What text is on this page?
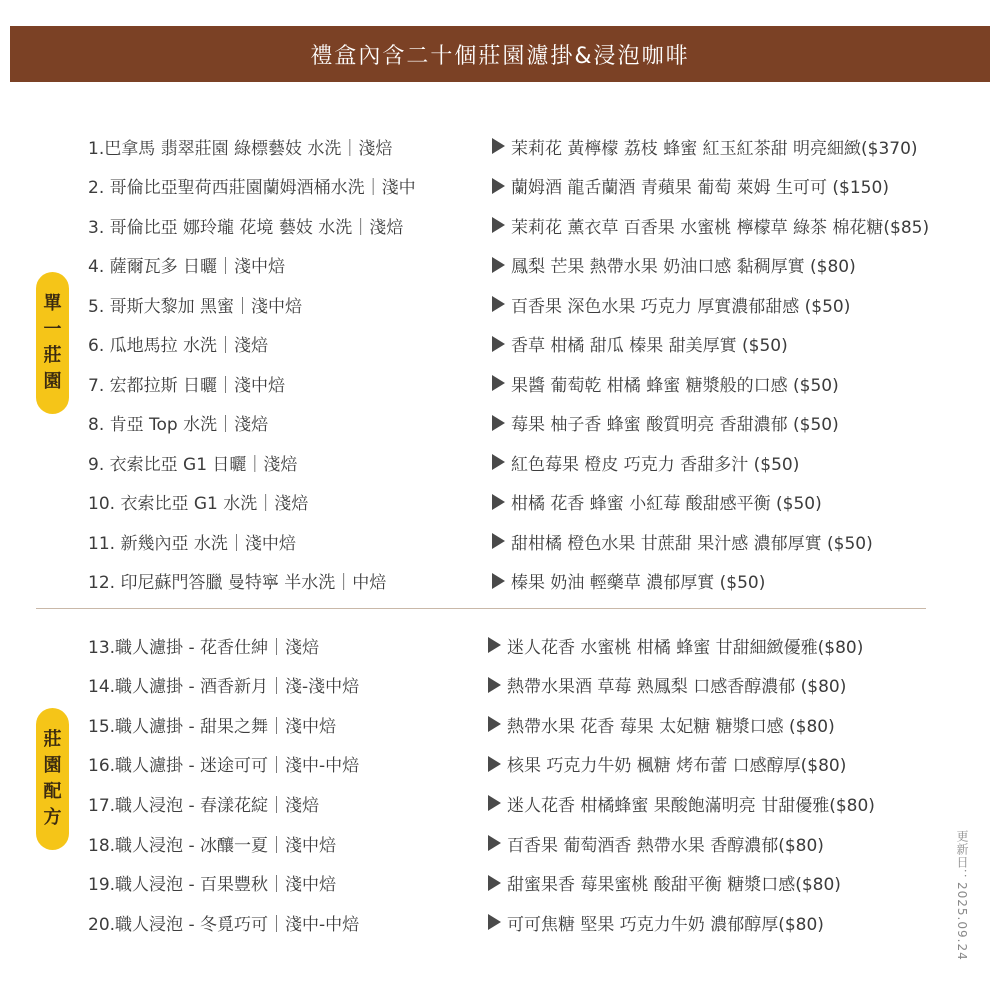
禮盒內含二十個莊園濾掛&浸泡咖啡
單
一
莊
園
莊
園
配
方
1.巴拿馬 翡翠莊園 綠標藝妓 水洗｜淺焙	茉莉花 黃檸檬 荔枝 蜂蜜 紅玉紅茶甜 明亮細緻($370)
2. 哥倫比亞聖荷西莊園蘭姆酒桶水洗｜淺中	蘭姆酒 龍舌蘭酒 青蘋果 葡萄 萊姆 生可可 ($150)
3. 哥倫比亞 娜玲瓏 花境 藝妓 水洗｜淺焙	茉莉花 薰衣草 百香果 水蜜桃 檸檬草 綠茶 棉花糖($85)
4. 薩爾瓦多 日曬｜淺中焙	鳳梨 芒果 熱帶水果 奶油口感 黏稠厚實 ($80)
5. 哥斯大黎加 黑蜜｜淺中焙	百香果 深色水果 巧克力 厚實濃郁甜感 ($50)
6. 瓜地馬拉 水洗｜淺焙	香草 柑橘 甜瓜 榛果 甜美厚實 ($50)
7. 宏都拉斯 日曬｜淺中焙	果醬 葡萄乾 柑橘 蜂蜜 糖漿般的口感 ($50)
8. 肯亞 Top 水洗｜淺焙	莓果 柚子香 蜂蜜 酸質明亮 香甜濃郁 ($50)
9. 衣索比亞 G1 日曬｜淺焙	紅色莓果 橙皮 巧克力 香甜多汁 ($50)
10. 衣索比亞 G1 水洗｜淺焙	柑橘 花香 蜂蜜 小紅莓 酸甜感平衡 ($50)
11. 新幾內亞 水洗｜淺中焙	甜柑橘 橙色水果 甘蔗甜 果汁感 濃郁厚實 ($50)
12. 印尼蘇門答臘 曼特寧 半水洗｜中焙	榛果 奶油 輕藥草 濃郁厚實 ($50)
13.職人濾掛 - 花香仕紳｜淺焙	迷人花香 水蜜桃 柑橘 蜂蜜 甘甜細緻優雅($80)
14.職人濾掛 - 酒香新月｜淺-淺中焙	熱帶水果酒 草莓 熟鳳梨 口感香醇濃郁 ($80)
15.職人濾掛 - 甜果之舞｜淺中焙	熱帶水果 花香 莓果 太妃糖 糖漿口感 ($80)
16.職人濾掛 - 迷途可可｜淺中-中焙	核果 巧克力牛奶 楓糖 烤布蕾 口感醇厚($80)
17.職人浸泡 - 春漾花綻｜淺焙	迷人花香 柑橘蜂蜜 果酸飽滿明亮 甘甜優雅($80)
18.職人浸泡 - 冰釀一夏｜淺中焙	百香果 葡萄酒香 熱帶水果 香醇濃郁($80)
19.職人浸泡 - 百果豐秋｜淺中焙	甜蜜果香 莓果蜜桃 酸甜平衡 糖漿口感($80)
20.職人浸泡 - 冬覓巧可｜淺中-中焙	可可焦糖 堅果 巧克力牛奶 濃郁醇厚($80)	更新日：2025.09.24
